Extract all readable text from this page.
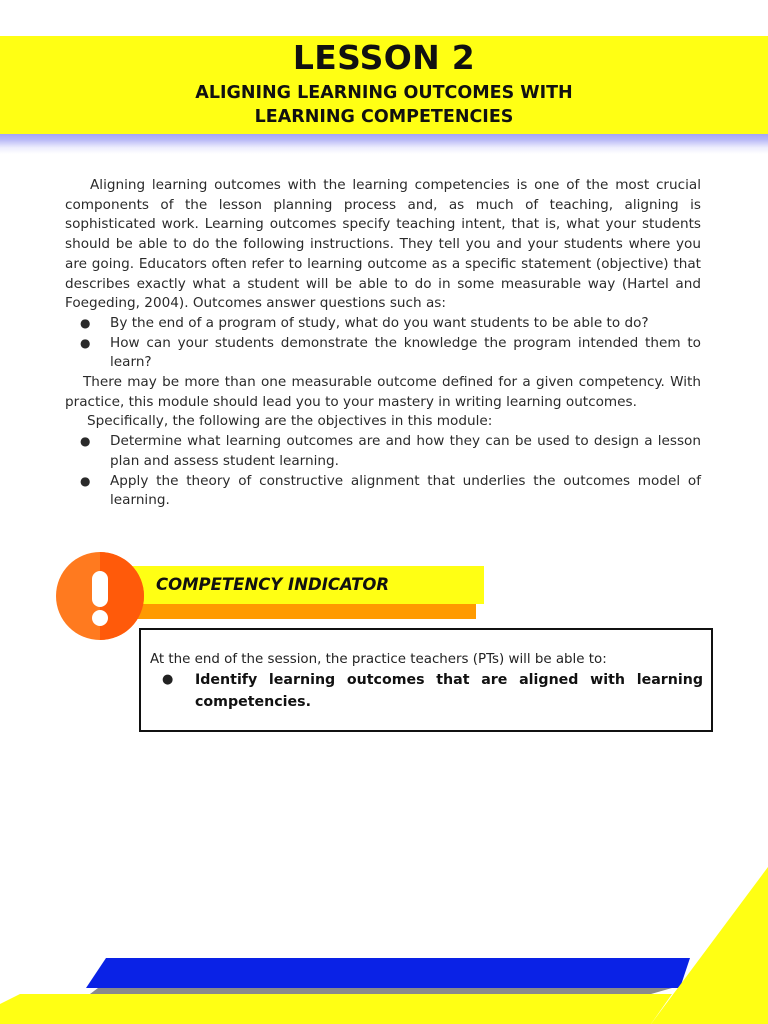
LESSON 2
ALIGNING LEARNING OUTCOMES WITH
LEARNING COMPETENCIES

Aligning learning outcomes with the learning competencies is one of the most crucial components of the lesson planning process and, as much of teaching, aligning is sophisticated work. Learning outcomes specify teaching intent, that is, what your students should be able to do the following instructions. They tell you and your students where you are going. Educators often refer to learning outcome as a specific statement (objective) that describes exactly what a student will be able to do in some measurable way (Hartel and Foegeding, 2004). Outcomes answer questions such as:

● By the end of a program of study, what do you want students to be able to do?
● How can your students demonstrate the knowledge the program intended them to learn?

There may be more than one measurable outcome defined for a given competency. With practice, this module should lead you to your mastery in writing learning outcomes.

Specifically, the following are the objectives in this module:

● Determine what learning outcomes are and how they can be used to design a lesson plan and assess student learning.
● Apply the theory of constructive alignment that underlies the outcomes model of learning.
COMPETENCY INDICATOR

At the end of the session, the practice teachers (PTs) will be able to:

● Identify learning outcomes that are aligned with learning competencies.
